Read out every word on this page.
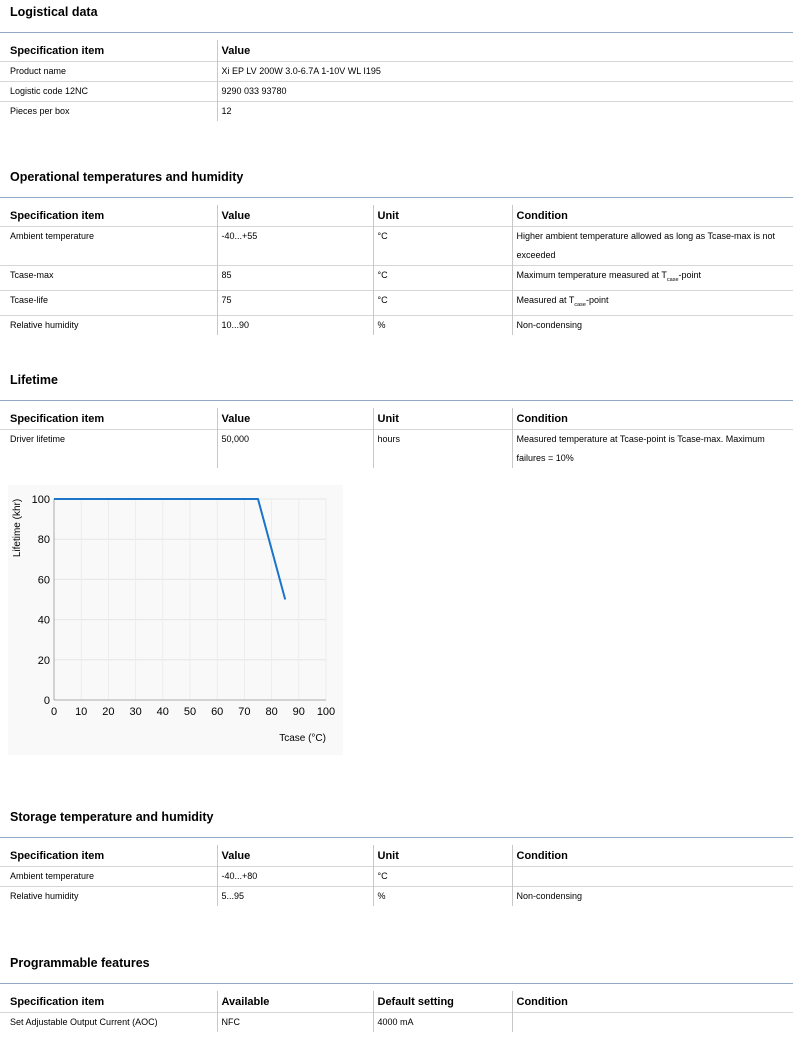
Logistical data
Specification item	Value
Product name	Xi EP LV 200W 3.0-6.7A 1-10V WL I195
Logistic code 12NC	9290 033 93780
Pieces per box	12
Operational temperatures and humidity
Specification item	Value	Unit	Condition
Ambient temperature	-40...+55	°C	Higher ambient temperature allowed as long as Tcase-max is not exceeded
Tcase-max	85	°C	Maximum temperature measured at $T_{case}$-point
Tcase-life	75	°C	Measured at $T_{case}$-point
Relative humidity	10...90	%	Non-condensing
Lifetime
Specification item	Value	Unit	Condition
Driver lifetime	50,000	hours	Measured temperature at Tcase-point is Tcase-max. Maximum failures = 10%
0
20
40
60
80
100
0 10 20 30 40 50 60 70 80 90 100
Lifetime (khr)
Tcase (°C)
Storage temperature and humidity
Specification item	Value	Unit	Condition
Ambient temperature	-40...+80	°C	
Relative humidity	5...95	%	Non-condensing
Programmable features
Specification item	Available	Default setting	Condition
Set Adjustable Output Current (AOC)	NFC	4000 mA	
